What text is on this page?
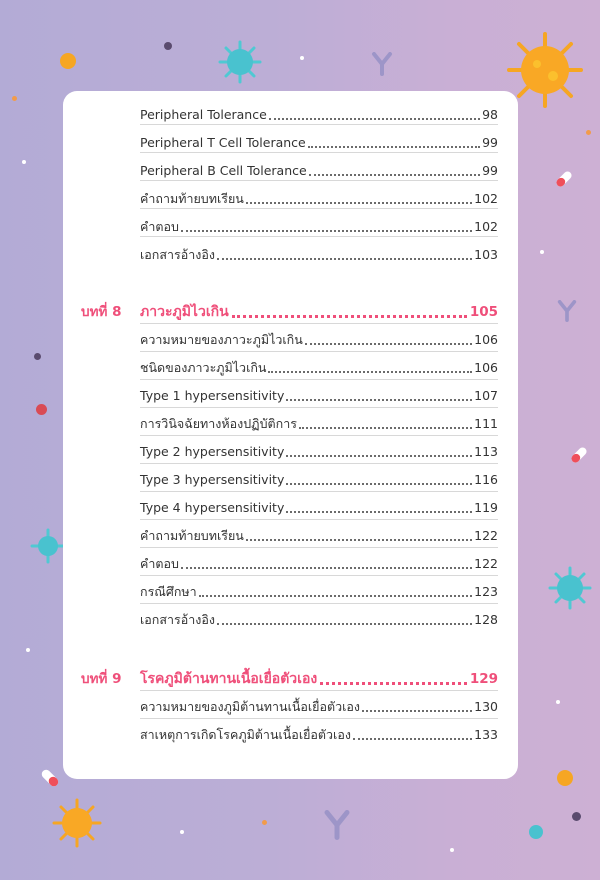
Peripheral Tolerance	98
Peripheral T Cell Tolerance	99
Peripheral B Cell Tolerance	99
คำถามท้ายบทเรียน	102
คำตอบ	102
เอกสารอ้างอิง	103
บทที่ 8	ภาวะภูมิไวเกิน	105
ความหมายของภาวะภูมิไวเกิน	106
ชนิดของภาวะภูมิไวเกิน	106
Type 1 hypersensitivity	107
การวินิจฉัยทางห้องปฏิบัติการ	111
Type 2 hypersensitivity	113
Type 3 hypersensitivity	116
Type 4 hypersensitivity	119
คำถามท้ายบทเรียน	122
คำตอบ	122
กรณีศึกษา	123
เอกสารอ้างอิง	128
บทที่ 9	โรคภูมิต้านทานเนื้อเยื่อตัวเอง	129
ความหมายของภูมิต้านทานเนื้อเยื่อตัวเอง	130
สาเหตุการเกิดโรคภูมิต้านเนื้อเยื่อตัวเอง	133
